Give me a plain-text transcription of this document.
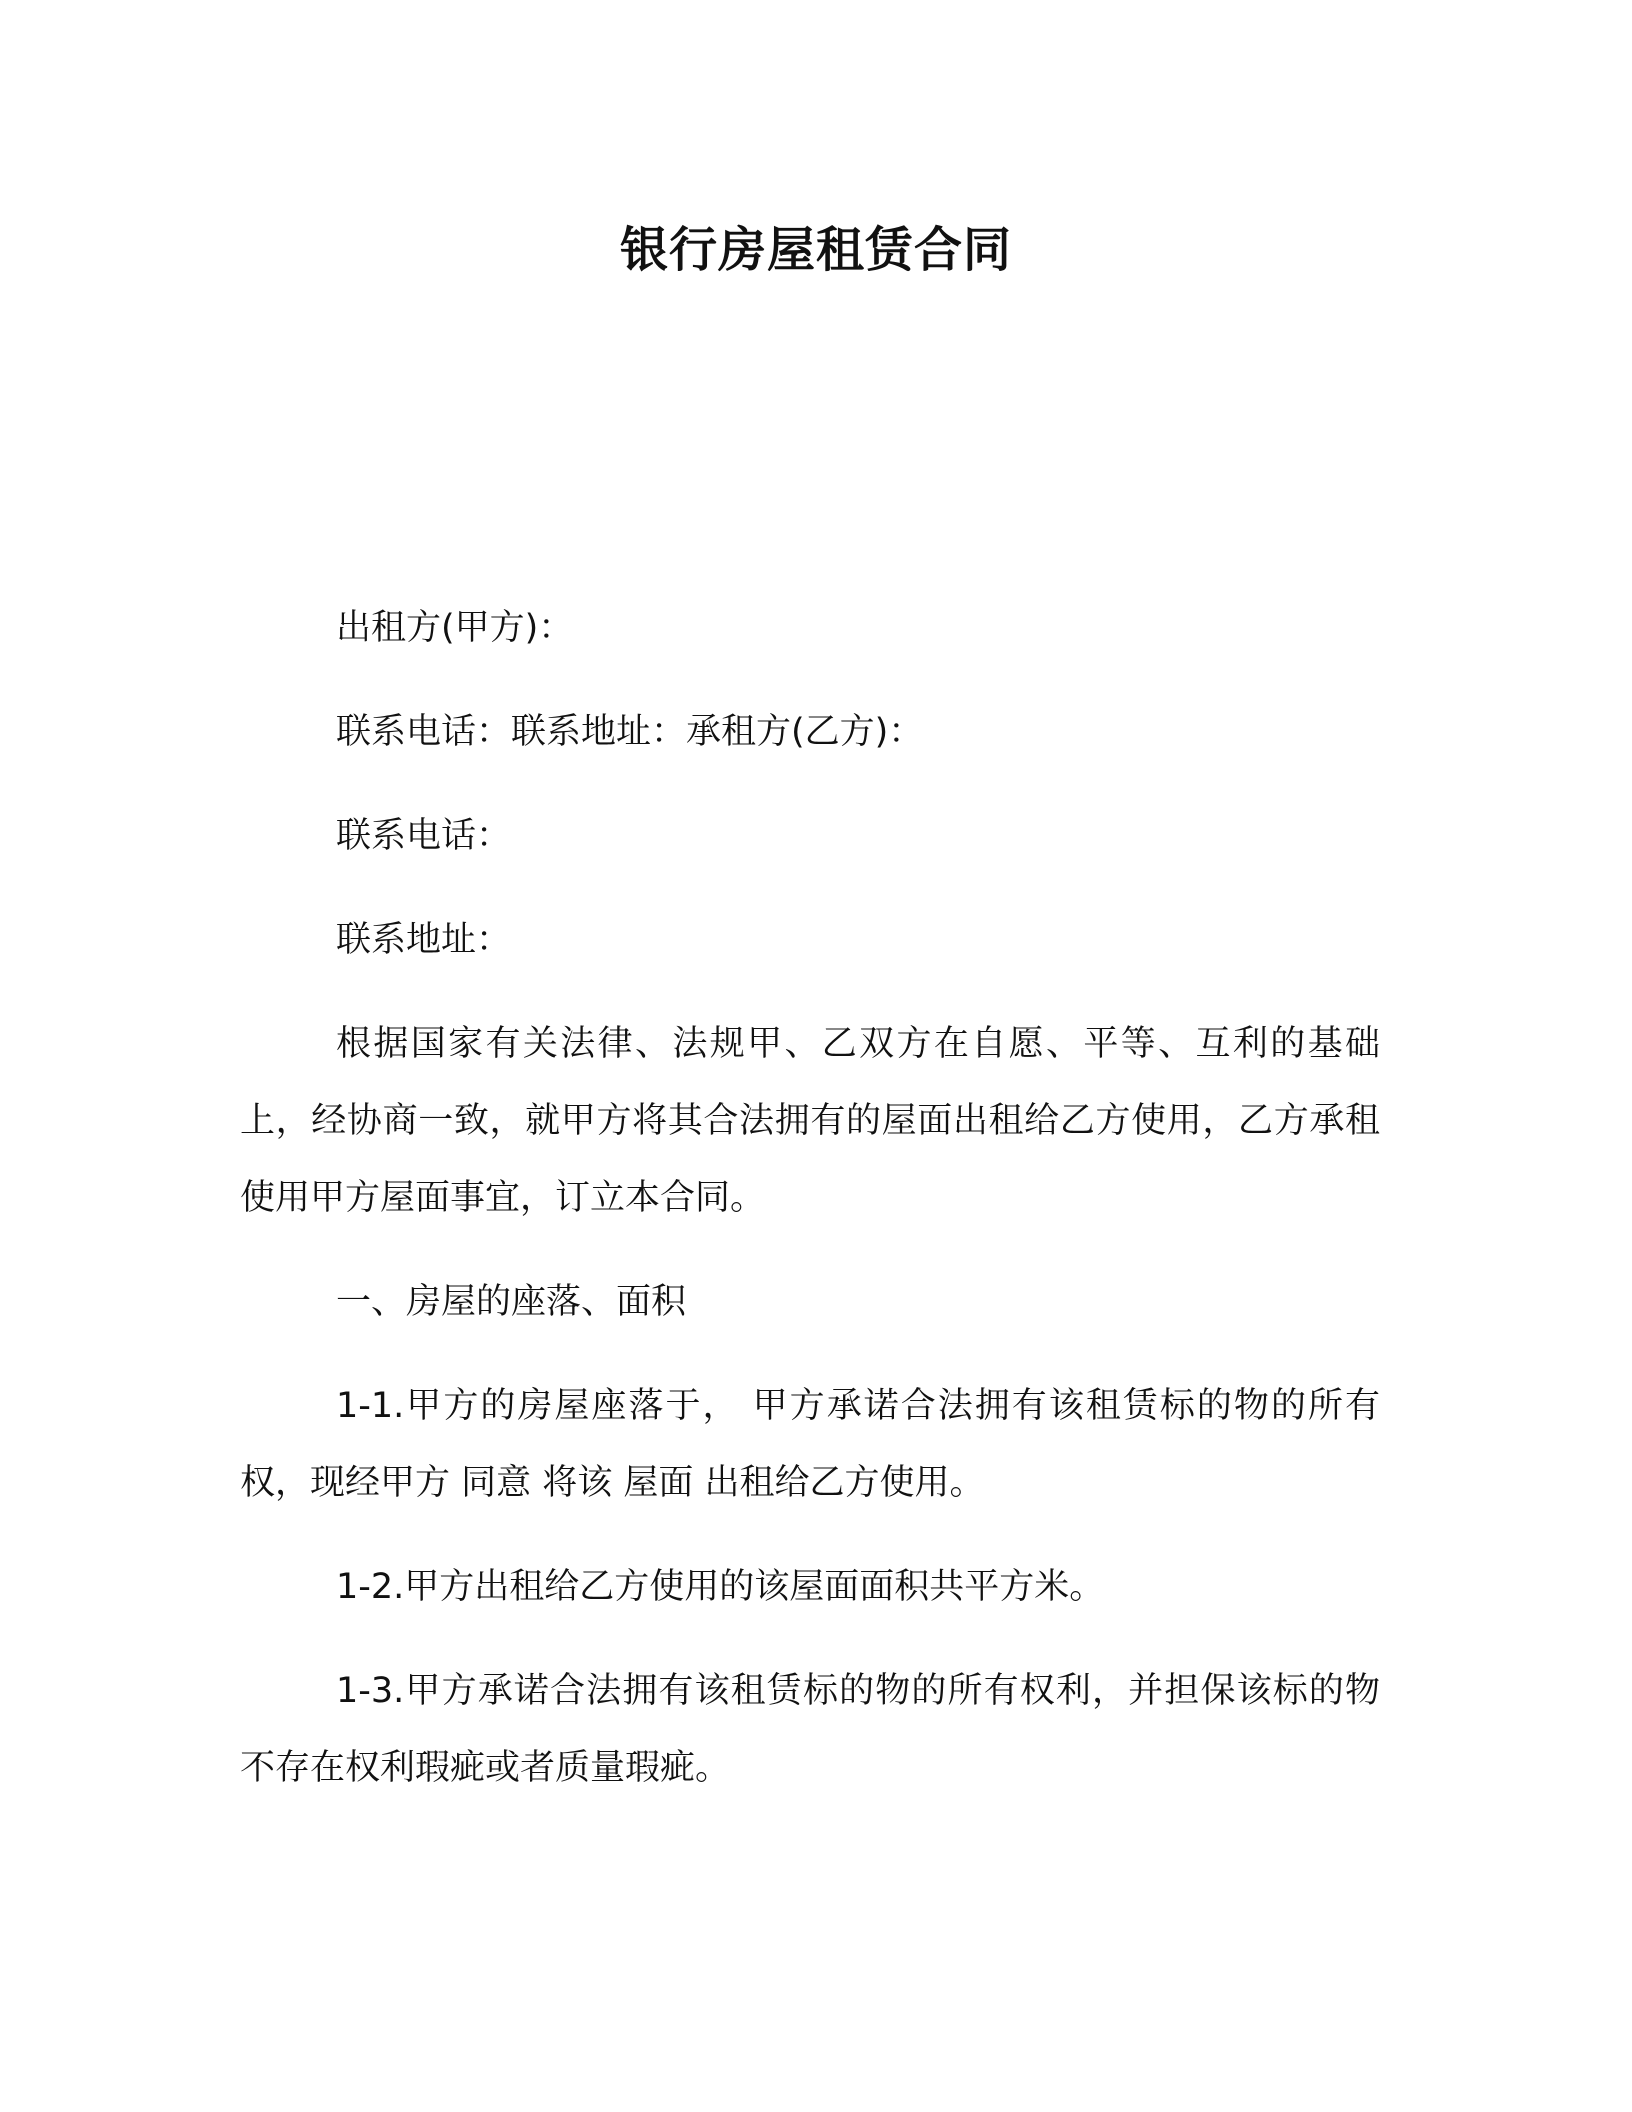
银行房屋租赁合同

出租方(甲方)：

联系电话：联系地址：承租方(乙方)：

联系电话：

联系地址：

根据国家有关法律、法规甲、乙双方在自愿、平等、互利的基础上，经协商一致，就甲方将其合法拥有的屋面出租给乙方使用，乙方承租使用甲方屋面事宜，订立本合同。

一、房屋的座落、面积

1-1.甲方的房屋座落于， 甲方承诺合法拥有该租赁标的物的所有权，现经甲方 同意 将该 屋面 出租给乙方使用。

1-2.甲方出租给乙方使用的该屋面面积共平方米。

1-3.甲方承诺合法拥有该租赁标的物的所有权利，并担保该标的物不存在权利瑕疵或者质量瑕疵。
